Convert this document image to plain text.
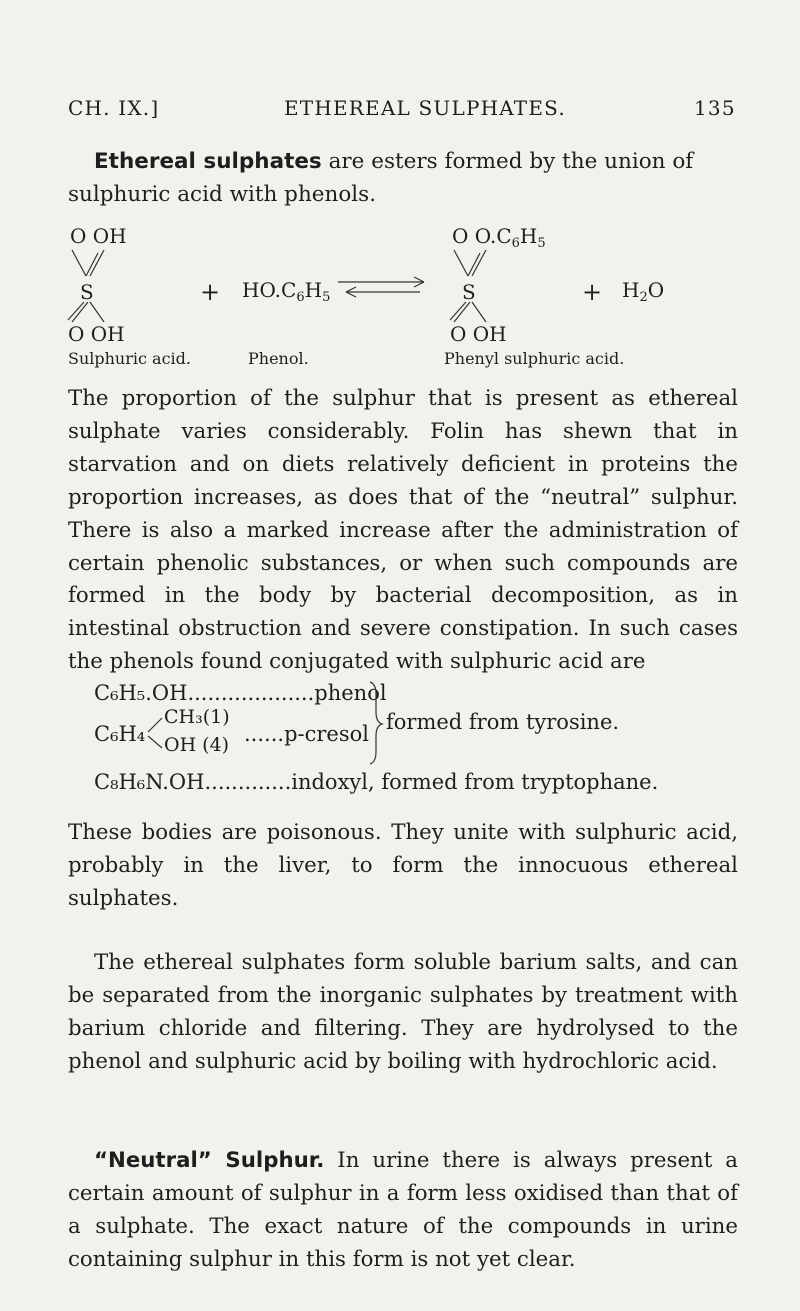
CH. IX.]	ETHEREAL SULPHATES.	135
Ethereal sulphates are esters formed by the union of
sulphuric acid with phenols.
O OH
S
O OH
+ $HO.C_6H_5$
O $O.C_6H_5$
S
O OH
+ $H_2O$
Sulphuric acid.	Phenol.	Phenyl sulphuric acid.
The proportion of the sulphur that is present as ethereal sulphate varies considerably. Folin has shewn that in starvation and on diets relatively deficient in proteins the proportion increases, as does that of the “neutral” sulphur. There is also a marked increase after the administration of certain phenolic substances, or when such compounds are formed in the body by bacterial decomposition, as in intestinal obstruction and severe constipation. In such cases the phenols found conjugated with sulphuric acid are
C₆H₅.OH...................phenol
C₆H₄
CH₃(1)
OH (4) ......p-cresol formed from tyrosine.
C₈H₆N.OH.............indoxyl, formed from tryptophane.
These bodies are poisonous. They unite with sulphuric acid, probably in the liver, to form the innocuous ethereal sulphates.
The ethereal sulphates form soluble barium salts, and can be separated from the inorganic sulphates by treatment with barium chloride and filtering. They are hydrolysed to the phenol and sulphuric acid by boiling with hydrochloric acid.
“Neutral” Sulphur. In urine there is always present a certain amount of sulphur in a form less oxidised than that of a sulphate. The exact nature of the compounds in urine containing sulphur in this form is not yet clear.
